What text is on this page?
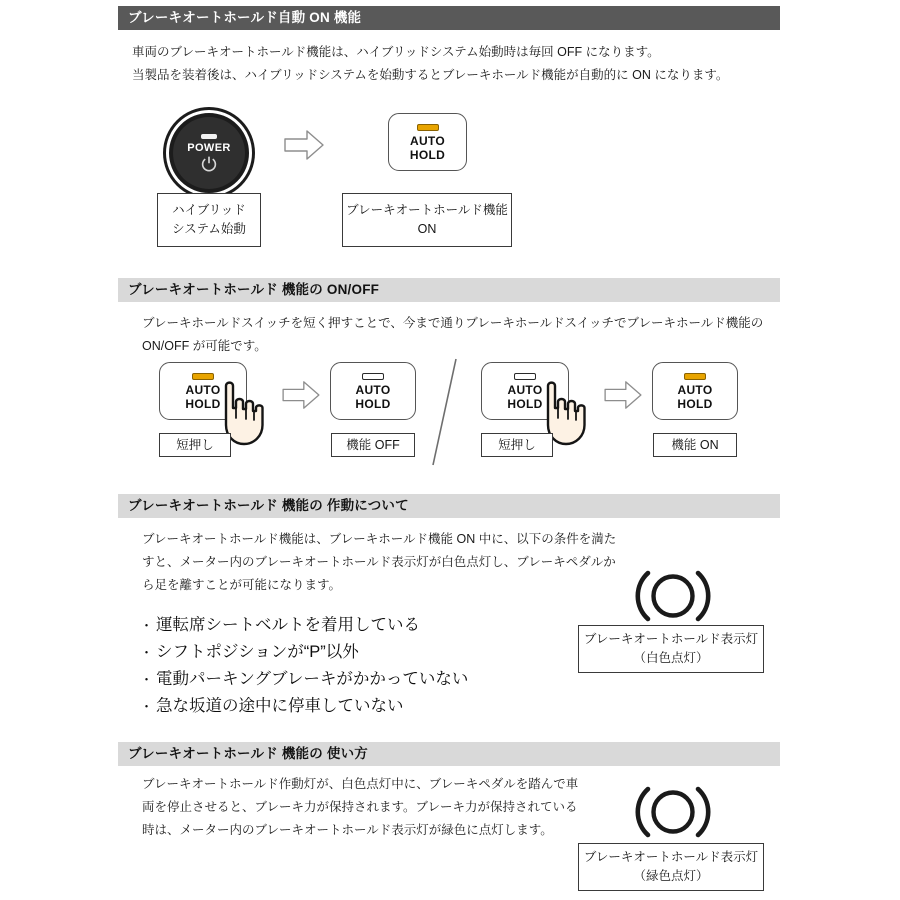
ブレーキオートホールド自動 ON 機能
車両のブレーキオートホールド機能は、ハイブリッドシステム始動時は毎回 OFF になります。
当製品を装着後は、ハイブリッドシステムを始動するとブレーキホールド機能が自動的に ON になります。
POWER	AUTO
HOLD
ハイブリッド
システム始動
ブレーキオートホールド機能
ON
ブレーキオートホールド 機能の ON/OFF
ブレーキホールドスイッチを短く押すことで、今まで通りブレーキホールドスイッチでブレーキホールド機能の
ON/OFF が可能です。
AUTO
HOLD
短押し
AUTO
HOLD
機能 OFF
AUTO
HOLD
短押し
AUTO
HOLD
機能 ON
ブレーキオートホールド 機能の 作動について
ブレーキオートホールド機能は、ブレーキホールド機能 ON 中に、以下の条件を満た
すと、メーター内のブレーキオートホールド表示灯が白色点灯し、ブレーキペダルか
ら足を離すことが可能になります。
・ 運転席シートベルトを着用している
・ シフトポジションが“P”以外
・ 電動パーキングブレーキがかかっていない
・ 急な坂道の途中に停車していない
ブレーキオートホールド表示灯
（白色点灯）
ブレーキオートホールド 機能の 使い方
ブレーキオートホールド作動灯が、白色点灯中に、ブレーキペダルを踏んで車
両を停止させると、ブレーキ力が保持されます。ブレーキ力が保持されている
時は、メーター内のブレーキオートホールド表示灯が緑色に点灯します。
ブレーキオートホールド表示灯
（緑色点灯）
